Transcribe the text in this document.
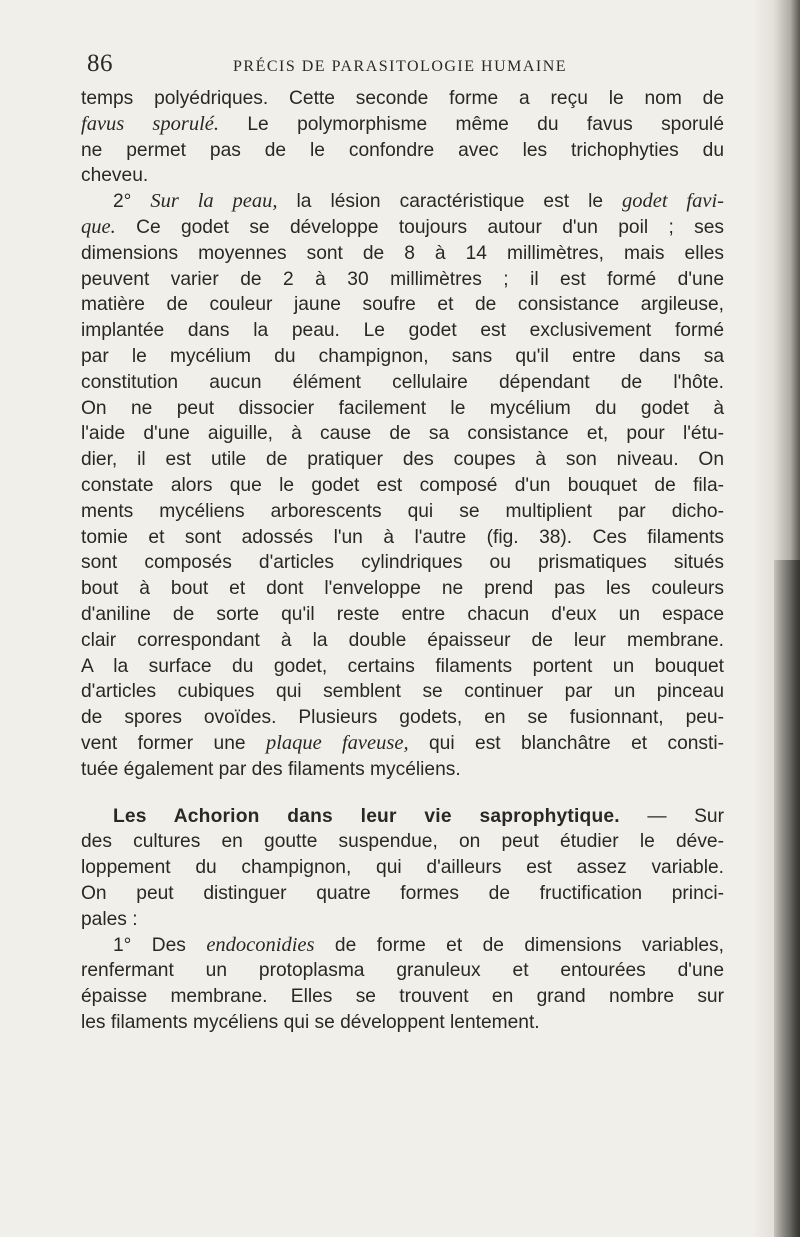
86	PRÉCIS DE PARASITOLOGIE HUMAINE
temps polyédriques. Cette seconde forme a reçu le nom de
favus sporulé. Le polymorphisme même du favus sporulé
ne permet pas de le confondre avec les trichophyties du
cheveu.
2° Sur la peau, la lésion caractéristique est le godet favi-
que. Ce godet se développe toujours autour d'un poil ; ses
dimensions moyennes sont de 8 à 14 millimètres, mais elles
peuvent varier de 2 à 30 millimètres ; il est formé d'une
matière de couleur jaune soufre et de consistance argileuse,
implantée dans la peau. Le godet est exclusivement formé
par le mycélium du champignon, sans qu'il entre dans sa
constitution aucun élément cellulaire dépendant de l'hôte.
On ne peut dissocier facilement le mycélium du godet à
l'aide d'une aiguille, à cause de sa consistance et, pour l'étu-
dier, il est utile de pratiquer des coupes à son niveau. On
constate alors que le godet est composé d'un bouquet de fila-
ments mycéliens arborescents qui se multiplient par dicho-
tomie et sont adossés l'un à l'autre (fig. 38). Ces filaments
sont composés d'articles cylindriques ou prismatiques situés
bout à bout et dont l'enveloppe ne prend pas les couleurs
d'aniline de sorte qu'il reste entre chacun d'eux un espace
clair correspondant à la double épaisseur de leur membrane.
A la surface du godet, certains filaments portent un bouquet
d'articles cubiques qui semblent se continuer par un pinceau
de spores ovoïdes. Plusieurs godets, en se fusionnant, peu-
vent former une plaque faveuse, qui est blanchâtre et consti-
tuée également par des filaments mycéliens.
Les Achorion dans leur vie saprophytique. — Sur
des cultures en goutte suspendue, on peut étudier le déve-
loppement du champignon, qui d'ailleurs est assez variable.
On peut distinguer quatre formes de fructification princi-
pales :
1° Des endoconidies de forme et de dimensions variables,
renfermant un protoplasma granuleux et entourées d'une
épaisse membrane. Elles se trouvent en grand nombre sur
les filaments mycéliens qui se développent lentement.
